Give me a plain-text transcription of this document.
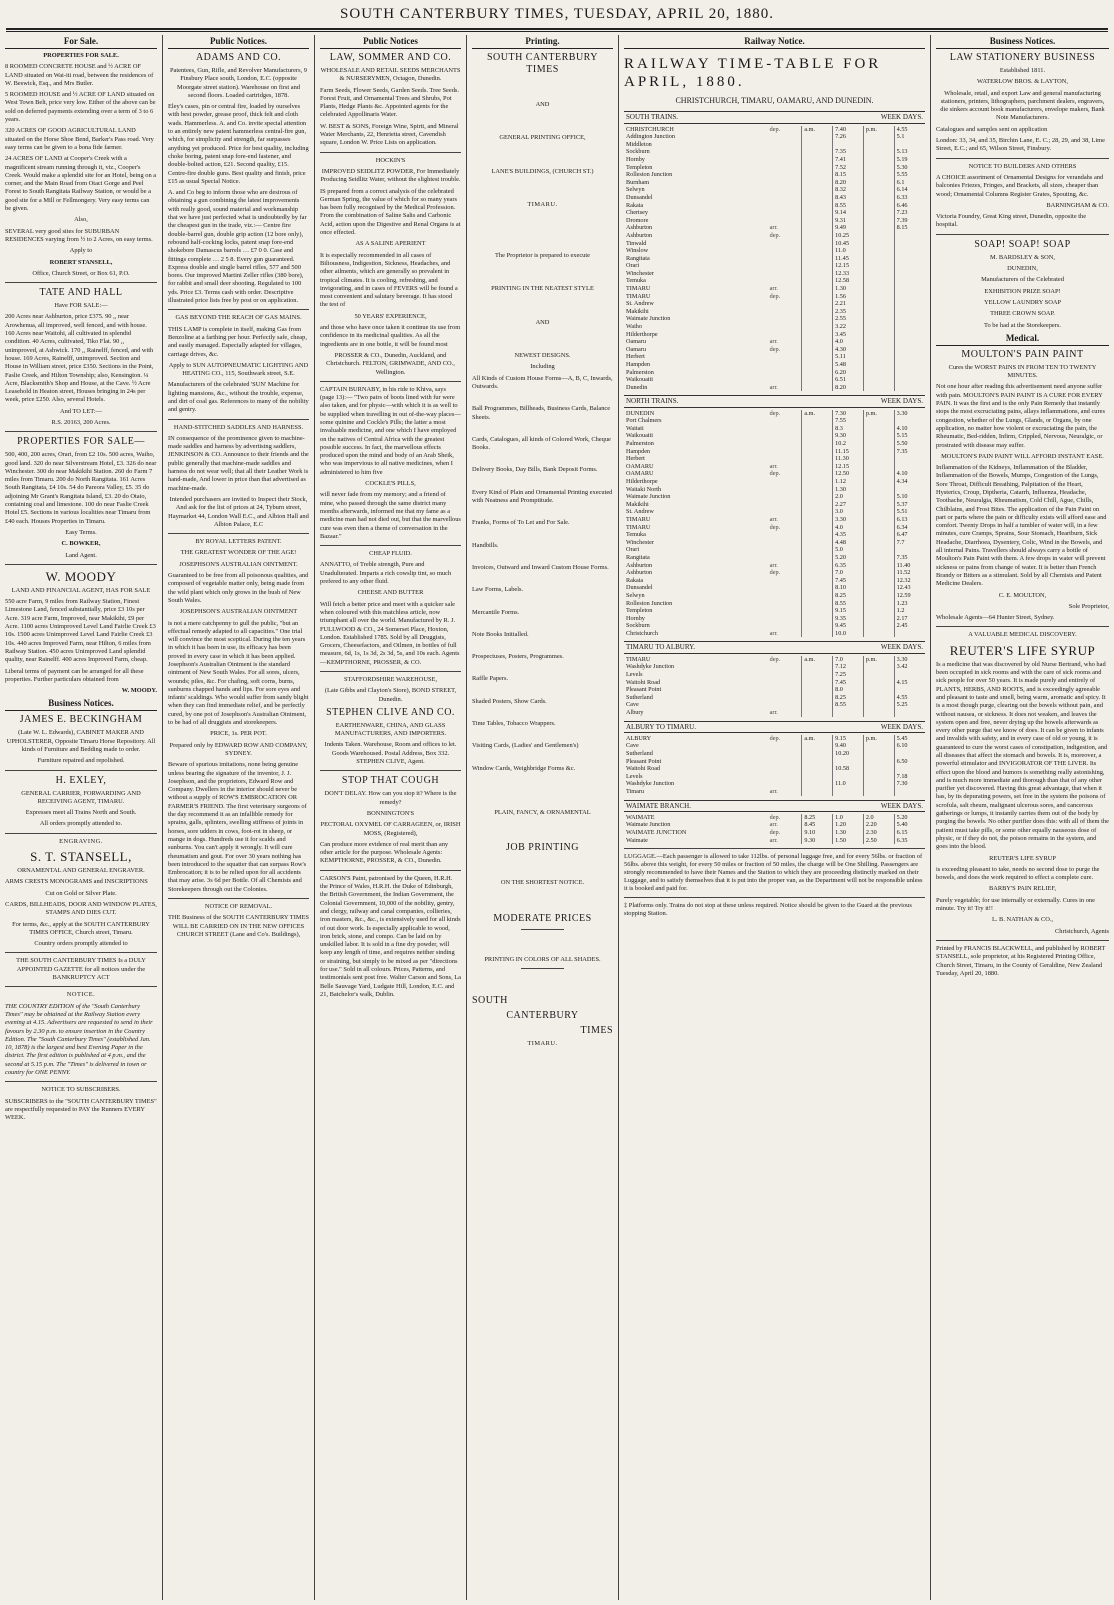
SOUTH CANTERBURY TIMES, TUESDAY, APRIL 20, 1880.
For Sale.

PROPERTIES FOR SALE.

8 ROOMED CONCRETE HOUSE and ½ ACRE OF LAND situated on Wai-iti road, between the residences of W. Beswick, Esq., and Mrs Butler.

5 ROOMED HOUSE and ½ ACRE OF LAND situated on West Town Belt, price very low. Either of the above can be sold on deferred payments extending over a term of 3 to 6 years.

320 ACRES OF GOOD AGRICULTURAL LAND situated on the Horse Shoe Bend, Barker's Pass road. Very easy terms can be given to a bona fide farmer.

24 ACRES OF LAND at Cooper's Creek with a magnificent stream running through it, viz., Cooper's Creek. Would make a splendid site for an Hotel, being on a corner, and the Main Road from Otaci Gorge and Peel Forest to South Rangitata Railway Station, or would be a good site for a Mill or Fellmongery. Very easy terms can be given.

Also,

SEVERAL very good sites for SUBURBAN RESIDENCES varying from ½ to 2 Acres, on easy terms.

Apply to

ROBERT STANSELL,

Office, Church Street, or Box 61, P.O.

TATE AND HALL

Have FOR SALE:—

200 Acres near Ashburton, price £375. 90 ,, near Arowhenua, all improved, well fenced, and with house. 160 Acres near Waitohi, all cultivated in splendid condition. 40 Acres, cultivated, Tiko Flat. 90 ,, unimproved, at Ashwick. 170 ,, Rainelff, fenced, and with house. 169 Acres, Rainelff, unimproved. Section and House in William street, price £350. Sections in the Point, Faslie Creek, and Hilton Township; also, Kensington. ¼ Acre, Blacksmith's Shop and House, at the Cave. ½ Acre Leasehold in Heaton street, Houses bringing in 24s per week, price £250. Also, several Hotels.

And TO LET:—

R.S. 20163, 200 Acres.

PROPERTIES FOR SALE—

500, 400, 200 acres, Orari, from £2 10s. 500 acres, Waiho, good land. 320 do near Silverstream Hotel, £3. 326 do near Winchester. 300 do near Makikihi Station. 260 do Farm 7 miles from Timaru. 200 do North Rangitata. 161 Acres South Rangitata, £4 10s. 54 do Pareora Valley, £5. 35 do adjoining Mr Grant's Rangitata Island, £3. 20 do Otaio, containing coal and limestone. 100 do near Faslie Creek Hotel £5. Sections in various localities near Timaru from £40 each. Houses Properties in Timaru.

Easy Terms.

C. BOWKER,

Land Agent.

W. MOODY

LAND AND FINANCIAL AGENT, HAS FOR SALE

550 acre Farm, 9 miles from Railway Station, Finest Limestone Land, fenced substantially, price £3 10s per Acre. 319 acre Farm, Improved, near Makikihi, £9 per Acre. 1100 acres Unimproved Level Land Fairlie Creek £3 10s. 1500 acres Unimproved Level Land Fairlie Creek £3 10s. 440 acres Improved Farm, near Hilton, 6 miles from Railway Station. 450 acres Unimproved Land splendid quality, near Rainelff. 400 acres Improved Farm, cheap.

Liberal terms of payment can be arranged for all these properties. Further particulars obtained from

W. MOODY.

Business Notices.

JAMES E. BECKINGHAM

(Late W. L. Edwards), CABINET MAKER AND UPHOLSTERER, Opposite Timaru Horse Repository. All kinds of Furniture and Bedding made to order.

Furniture repaired and repolished.

H. EXLEY,

GENERAL CARRIER, FORWARDING AND RECEIVING AGENT, TIMARU.

Expresses meet all Trains North and South.

All orders promptly attended to.

ENGRAVING.

S. T. STANSELL,

ORNAMENTAL AND GENERAL ENGRAVER.

ARMS CRESTS MONOGRAMS and INSCRIPTIONS

Cut on Gold or Silver Plate.

CARDS, BILLHEADS, DOOR AND WINDOW PLATES, STAMPS AND DIES CUT.

For terms, &c., apply at the SOUTH CANTERBURY TIMES OFFICE, Church street, Timaru.

Country orders promptly attended to

THE SOUTH CANTERBURY TIMES Is a DULY APPOINTED GAZETTE for all notices under the BANKRUPTCY ACT

NOTICE.

THE COUNTRY EDITION of the "South Canterbury Times" may be obtained at the Railway Station every evening at 4.15. Advertisers are requested to send in their favours by 2.30 p.m. to ensure insertion in the Country Edition. The "South Canterbury Times" (established Jan. 10, 1878) is the largest and best Evening Paper in the district. The first edition is published at 4 p.m., and the second at 5.15 p.m. The "Times" is delivered in town or country for ONE PENNY.

NOTICE TO SUBSCRIBERS.

SUBSCRIBERS to the "SOUTH CANTERBURY TIMES" are respectfully requested to PAY the Runners EVERY WEEK.

Public Notices.

ADAMS AND CO.

Patentees, Gun, Rifle, and Revolver Manufacturers, 9 Finsbury Place south, London, E.C. (opposite Moorgate street station). Warehouse on first and second floors. Loaded cartridges, 1878.

Eley's cases, pin or central fire, loaded by ourselves with best powder, grease proof, thick felt and cloth wads. Hammerless. A. and Co. invite special attention to an entirely new patent hammerless central-fire gun, which, for simplicity and strength, far surpasses anything yet produced. Price for best quality, including choke boring, patent snap fore-end fastener, and double-bolted action, £21. Second quality, £15. Centre-fire double guns. Best quality and finish, price £15 as usual Special Notice.

A. and Co beg to inform those who are desirous of obtaining a gun combining the latest improvements with really good, sound material and workmanship that we have just perfected what is undoubtedly by far the cheapest gun in the trade, viz.:— Centre fire double-barrel gun, double grip action (12 bore only), rebound half-cocking locks, patent snap fore-end shokebore Damascus barrels … £7 0 0. Case and fittings complete … 2 5 8. Every gun guaranteed. Express double and single barrel rifles, 577 and 500 bores. Our improved Martini Zeller rifles (380 bore), for rabbit and small deer shooting. Regulated to 100 yds. Price £3. Terms cash with order. Descriptive illustrated price lists free by post or on application.

GAS BEYOND THE REACH OF GAS MAINS.

THIS LAMP is complete in itself, making Gas from Benzoline at a farthing per hour. Perfectly safe, cheap, and easily managed. Especially adapted for villages, carriage drives, &c.

Apply to SUN AUTOPNEUMATIC LIGHTING AND HEATING CO., 115, Southwark street, S.E.

Manufacturers of the celebrated 'SUN' Machine for lighting mansions, &c., without the trouble, expense, and dirt of coal gas. References to many of the nobility and gentry.

HAND-STITCHED SADDLES AND HARNESS.

IN consequence of the prominence given to machine-made saddles and harness by advertising saddlers, JENKINSON & CO. Announce to their friends and the public generally that machine-made saddles and harness do not wear well; that all their Leather Work is hand-made, And lower in price than that advertised as machine-made.

Intended purchasers are invited to Inspect their Stock, And ask for the list of prices at 24, Tyburn street, Haymarket 44, London Wall E.C., and Albion Hall and Albion Palace, E.C

BY ROYAL LETTERS PATENT.

THE GREATEST WONDER OF THE AGE!

JOSEPHSON'S AUSTRALIAN OINTMENT.

Guaranteed to be free from all poisonous qualities, and composed of vegetable matter only, being made from the wild plant which only grows in the bush of New South Wales.

JOSEPHSON'S AUSTRALIAN OINTMENT

is not a mere catchpenny to gull the public, "but an effectual remedy adapted to all capacities." One trial will convince the most sceptical. During the ten years in which it has been in use, its efficacy has been proved in every case in which it has been applied. Josephson's Australian Ointment is the standard ointment of New South Wales. For all sores, ulcers, wounds; piles, &c. For chafing, soft corns, burns, sunburns chapped hands and lips. For sore eyes and infants' scaldings. Who would suffer from sandy blight when they can find immediate relief, and be perfectly cured, by one pot of Josephson's Australian Ointment, to be had of all druggists and storekeepers.

PRICE, 1s. PER POT.

Prepared only by EDWARD ROW AND COMPANY, SYDNEY.

Beware of spurious imitations, none being genuine unless bearing the signature of the inventor, J. J. Josephson, and the proprietors, Edward Row and Company. Dwellers in the interior should never be without a supply of ROW'S EMBROCATION OR FARMER'S FRIEND. The first veterinary surgeons of the day recommend it as an infallible remedy for sprains, galls, splinters, swelling stiffness of joints in horses, sore udders in cows, foot-rot in sheep, or mange in dogs. Hundreds use it for scalds and sunburns. You can't apply it wrongly. It will cure rheumatism and gout. For over 30 years nothing has been introduced to the squatter that can surpass Row's Embrocation; it is to be relied upon for all accidents that may arise. 3s 6d per Bottle. Of all Chemists and Storekeepers through out the Colonies.

NOTICE OF REMOVAL.

THE Business of the SOUTH CANTERBURY TIMES WILL BE CARRIED ON IN THE NEW OFFICES CHURCH STREET (Lane and Co's. Buildings),

Public Notices

LAW, SOMMER AND CO.

WHOLESALE AND RETAIL SEEDS MERCHANTS & NURSERYMEN, Octagon, Dunedin.

Farm Seeds, Flower Seeds, Garden Seeds. Tree Seeds. Forest Fruit, and Ornamental Trees and Shrubs, Pot Plants, Hedge Plants &c. Appointed agents for the celebrated Appollinaris Water.

W. BEST & SONS, Foreign Wine, Spirit, and Mineral Water Merchants, 22, Henrietta street, Cavendish square, London W. Price Lists on application.

HOCKIN'S

IMPROVED SEIDLITZ POWDER, For Immediately Producing Seidlitz Water, without the slightest trouble.

IS prepared from a correct analysis of the celebrated German Spring, the value of which for so many years has been fully recognised by the Medical Profession. From the combination of Saline Salts and Carbonic Acid, action upon the Digestive and Renal Organs is at once effected.

AS A SALINE APERIENT

It is especially recommended in all cases of Biliousness, Indigestion, Sickness, Headaches, and other ailments, which are generally so prevalent in tropical climates. It is cooling, refreshing, and invigorating, and in cases of FEVERS will be found a most convenient and salutary beverage. It has stood the test of

50 YEARS' EXPERIENCE,

and those who have once taken it continue its use from confidence in its medicinal qualities. As all the ingredients are in one bottle, it will be found most

PROSSER & CO., Dunedin, Auckland, and Christchurch. FELTON, GRIMWADE, AND CO., Wellington.

CAPTAIN BURNABY, in his ride to Khiva, says (page 13):— "Two pairs of boots lined with fur were also taken, and for physic—with which it is as well to be supplied when travelling in out of-the-way places—some quinine and Cockle's Pills; the latter a most invaluable medicine, and one which I have employed on the natives of Central Africa with the greatest possible success. In fact, the marvellous effects produced upon the mind and body of an Arab Sheik, who was impervious to all native medicines, when I administered to him five

COCKLE'S PILLS,

will never fade from my memory; and a friend of mine, who passed through the same district many months afterwards, informed me that my fame as a medicine man had not died out, but that the marvellous cure was even then a theme of conversation in the Bazaar."

CHEAP FLUID.

ANNATTO, of Treble strength, Pure and Unadulterated. Imparts a rich cowslip tint, so much prefered to any other fluid.

CHEESE AND BUTTER

Will fetch a better price and meet with a quicker sale when coloured with this matchless article, now triumphant all over the world. Manufactured by R. J. FULLWOOD & CO., 24 Somerset Place, Hoxton, London. Established 1785. Sold by all Druggists, Grocers, Cheesefactors, and Oilmen, in bottles of full measure, 6d, 1s, 1s 3d, 2s 3d, 5s, and 10s each. Agents—KEMPTHORNE, PROSSER, & CO.

STAFFORDSHIRE WAREHOUSE,

(Late Gibbs and Clayton's Store), BOND STREET, Dunedin.

STEPHEN CLIVE AND CO.

EARTHENWARE, CHINA, AND GLASS MANUFACTURERS, AND IMPORTERS.

Indents Taken. Warehouse, Room and offices to let. Goods Warehoused. Postal Address, Box 332. STEPHEN CLIVE, Agent.

STOP THAT COUGH

DON'T DELAY. How can you stop it? Where is the remedy?

BONNINGTON'S

PECTORAL OXYMEL OF CARRAGEEN, or, IRISH MOSS, (Registered),

Can produce more evidence of real merit than any other article for the purpose. Wholesale Agents: KEMPTHORNE, PROSSER, & CO., Dunedin.

CARSON'S Paint, patronised by the Queen, H.R.H. the Prince of Wales, H.R.H. the Duke of Edinburgh, the British Government, the Indian Government, the Colonial Government, 10,000 of the nobility, gentry, and clergy, railway and canal companies, collieries, iron masters, &c., &c., is extensively used for all kinds of out door work. Is especially applicable to wood, iron brick, stone, and compo. Can be laid on by unskilled labor. It is sold in a fine dry powder, will keep any length of time, and requires neither sinding or straining, but simply to be mixed as per "directions for use." Sold in all colours. Prices, Patterns, and testimonials sent post free. Walter Carson and Sons, La Belle Sauvage Yard, Ludgate Hill, London, E.C. and 21, Batchelor's walk, Dublin.

Printing.

SOUTH CANTERBURY TIMES

AND

GENERAL PRINTING OFFICE,

LANE'S BUILDINGS, (CHURCH ST.)

TIMARU.

The Proprietor is prepared to execute

PRINTING IN THE NEATEST STYLE

AND

NEWEST DESIGNS.

Including

All Kinds of Custom House Forms—A, B, C, Inwards, Outwards.

Ball Programmes, Billheads, Business Cards, Balance Sheets.

Cards, Catalogues, all kinds of Colored Work, Cheque Books.

Delivery Books, Day Bills, Bank Deposit Forms.

Every Kind of Plain and Ornamental Printing executed with Neatness and Promptitude.

Franks, Forms of To Let and For Sale.

Handbills.

Invoices, Outward and Inward Custom House Forms.

Law Forms, Labels.

Mercantile Forms.

Note Books Initialled.

Prospectuses, Posters, Programmes.

Raffle Papers.

Shaded Posters, Show Cards.

Time Tables, Tobacco Wrappers.

Visiting Cards, (Ladies' and Gentlemen's)

Window Cards, Weighbridge Forms &c.

PLAIN, FANCY, & ORNAMENTAL

JOB PRINTING

ON THE SHORTEST NOTICE.

MODERATE PRICES

PRINTING IN COLORS OF ALL SHADES.

SOUTH

CANTERBURY

TIMES

TIMARU.

Railway Notice.
RAILWAY TIME-TABLE FOR APRIL, 1880.
CHRISTCHURCH, TIMARU, OAMARU, AND DUNEDIN.
SOUTH TRAINS.	WEEK DAYS.
CHRISTCHURCH	dep.	a.m.	7.40	p.m.	4.55
Addington Junction			7.26		5.1
Middleton					
Sockburn			7.35		5.13
Hornby			7.41		5.19
Templeton			7.52		5.30
Rolleston Junction			8.15		5.55
Burnham			8.20		6.1
Selwyn			8.32		6.14
Dunsandel			8.43		6.33
Rakaia			8.55		6.46
Chertsey			9.14		7.23
Dromore			9.31		7.39
Ashburton	arr.		9.49		8.15
Ashburton	dep.		10.25		
Tinwald			10.45		
Winslow			11.0		
Rangitata			11.45		
Orari			12.15		
Winchester			12.33		
Temuka			12.58		
TIMARU	arr.		1.30		
TIMARU	dep.		1.56		
St. Andrew			2.21		
Makikihi			2.35		
Waimate Junction			2.55		
Waiho			3.22		
Hilderthorpe			3.45		
Oamaru	arr.		4.0		
Oamaru	dep.		4.30		
Herbert			5.11		
Hampden			5.48		
Palmerston			6.20		
Waikouaiti			6.51		
Dunedin	arr.		8.20		
NORTH TRAINS.	WEEK DAYS.
DUNEDIN	dep.	a.m.	7.30	p.m.	3.30
Port Chalmers			7.55		
Waitati			8.3		4.10
Waikouaiti			9.30		5.15
Palmerston			10.2		5.50
Hampden			11.15		7.35
Herbert			11.30		
OAMARU	arr.		12.15		
OAMARU	dep.		12.50		4.10
Hilderthorpe			1.12		4.34
Waitaki North			1.30		
Waimate Junction			2.0		5.10
Makikihi			2.27		5.37
St. Andrew			3.0		5.51
TIMARU	arr.		3.30		6.13
TIMARU	dep.		4.0		6.34
Temuka			4.35		6.47
Winchester			4.48		7.7
Orari			5.0		
Rangitata			5.20		7.35
Ashburton	arr.		6.35		11.40
Ashburton	dep.		7.0		11.52
Rakaia			7.45		12.32
Dunsandel			8.10		12.43
Selwyn			8.25		12.59
Rolleston Junction			8.55		1.23
Templeton			9.15		1.2
Hornby			9.35		2.17
Sockburn			9.45		2.45
Christchurch	arr.		10.0		
TIMARU TO ALBURY.	WEEK DAYS.
TIMARU	dep.	a.m.	7.0	p.m.	3.30
Washdyke Junction			7.12		3.42
Levels			7.25		
Waitohi Road			7.45		4.15
Pleasant Point			8.0		
Sutherland			8.25		4.55
Cave			8.55		5.25
Albury	arr.				
ALBURY TO TIMARU.	WEEK DAYS.
ALBURY	dep.	a.m.	9.15	p.m.	5.45
Cave			9.40		6.10
Sutherland			10.20		
Pleasant Point					6.50
Waitohi Road			10.58		
Levels					7.18
Washdyke Junction			11.0		7.30
Timaru	arr.				
WAIMATE BRANCH.	WEEK DAYS.
WAIMATE	dep.	8.25	1.0	2.0	5.20
Waimate Junction	arr.	8.45	1.20	2.20	5.40
WAIMATE JUNCTION	dep.	9.10	1.30	2.30	6.15
Waimate	arr.	9.30	1.50	2.50	6.35

LUGGAGE.—Each passenger is allowed to take 112lbs. of personal luggage free, and for every 56lbs. or fraction of 56lbs. above this weight, for every 50 miles or fraction of 50 miles, the charge will be One Shilling. Passengers are strongly recommended to have their Names and the Station to which they are proceeding distinctly marked on their Luggage, and to satisfy themselves that it is put into the proper van, as the Department will not be responsible unless it is booked and paid for.

‡ Platforms only. Trains do not stop at these unless required. Notice should be given to the Guard at the previous stopping Station.

Business Notices.

LAW STATIONERY BUSINESS

Established 1811.

WATERLOW BROS. & LAYTON,

Wholesale, retail, and export Law and general manufacturing stationers, printers, lithographers, parchment dealers, engravers, die sinkers account book manufacturers, envelope makers, Bank Note Manufacturers.

Catalogues and samples sent on application

London: 33, 34, and 35, Birchin Lane, E. C.; 28, 29, and 38, Lime Street, E.C.; and 65, Wilson Street, Finsbury.

NOTICE TO BUILDERS AND OTHERS

A CHOICE assortment of Ornamental Designs for verandahs and balconies Friezes, Fringes, and Brackets, all sizes, cheaper than wood; Ornamental Columns Register Grates, Spouting, &c.

BARNINGHAM & CO.

Victoria Foundry, Great King street, Dunedin, opposite the hospital.

SOAP! SOAP! SOAP

M. BARDSLEY & SON,

DUNEDIN,

Manufacturers of the Celebrated

EXHIBITION PRIZE SOAP!

YELLOW LAUNDRY SOAP

THREE CROWN SOAP.

To be had at the Storekeepers.

Medical.

MOULTON'S PAIN PAINT

Cures the WORST PAINS IN FROM TEN TO TWENTY MINUTES.

Not one hour after reading this advertisement need anyone suffer with pain. MOULTON'S PAIN PAINT IS A CURE FOR EVERY PAIN. It was the first and is the only Pain Remedy that instantly stops the most excruciating pains, allays inflammations, and cures congestion, whether of the Lungs, Glands, or Organs, by one application, no matter how violent or excruciating the pain, the Rheumatic, Bed-ridden, Infirm, Crippled, Nervous, Neuralgic, or prostrated with disease may suffer.

MOULTON'S PAIN PAINT WILL AFFORD INSTANT EASE.

Inflammation of the Kidneys, Inflammation of the Bladder, Inflammation of the Bowels, Mumps, Congestion of the Lungs, Sore Throat, Difficult Breathing, Palpitation of the Heart, Hysterics, Croup, Diptheria, Catarrh, Influenza, Headache, Toothache, Neuralgia, Rheumatism, Cold Chill, Ague, Chills, Chilblains, and Frost Bites. The application of the Pain Paint on part or parts where the pain or difficulty exists will afford ease and comfort. Twenty Drops in half a tumbler of water will, in a few minutes, cure Cramps, Sprains, Sour Stomach, Heartburn, Sick Headache, Diarrhoea, Dysentery, Colic, Wind in the Bowels, and all internal Pains. Travellers should always carry a bottle of Moulton's Pain Paint with them. A few drops in water will prevent sickness or pains from change of water. It is better than French Brandy or Bitters as a stimulant. Sold by all Chemists and Patent Medicine Dealers.

C. E. MOULTON,

Sole Proprietor,

Wholesale Agents—64 Hunter Street, Sydney.

A VALUABLE MEDICAL DISCOVERY.

REUTER'S LIFE SYRUP

Is a medicine that was discovered by old Nurse Bertrand, who had been occupied in sick rooms and with the care of sick rooms and sick people for over 50 years. It is made purely and entirely of PLANTS, HERBS, AND ROOTS, and is exceedingly agreeable and pleasant to taste and smell, being warm, aromatic and spicy. It is a most though purge, clearing out the bowels without pain, and without nausea, or sickness. It does not weaken, and leaves the system open and free, never drying up the bowels afterwards as every other purge that we know of does. It can be given to infants and invalids with safety, and in every case of old or young, it is guaranteed to cure the worst cases of constipation, indigestion, and all diseases that affect the stomach and bowels. It is, moreover, a powerful stimulator and INVIGORATOR OF THE LIVER. Its effect upon the blood and humors is something really astonishing, and is much more immediate and thorough than that of any other purifier yet discovered. Having this great advantage, that when it has, by its depurating powers, set free in the system the poisons of scrofula, salt rheum, malignant ulcerous sores, and cancerous gatherings or lumps, it instantly carries them out of the body by purging the bowels. No other purifier does this: with all of them the patient must take pills, or some other equally nauseous dose of physic, or if they do not, the poison remains in the system, and goes into the blood.

REUTER'S LIFE SYRUP

is exceeding pleasant to take, needs no second dose to purge the bowels, and does the work required to effect a complete cure.

BARBY'S PAIN RELIEF,

Purely vegetable; for use internally or externally. Cures in one minute. Try it! Try it!!

L. B. NATHAN & CO.,

Christchurch, Agents

Printed by FRANCIS BLACKWELL, and published by ROBERT STANSELL, sole proprietor, at his Registered Printing Office, Church Street, Timaru, in the County of Geraldine, New Zealand Tuesday, April 20, 1880.
